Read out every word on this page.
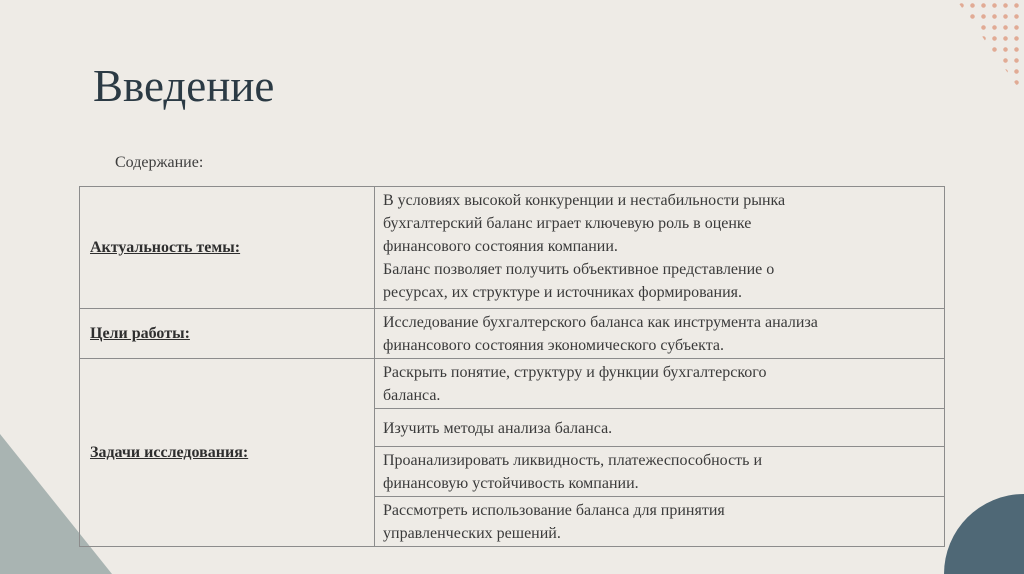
Введение
Содержание:
Актуальность темы:	В условиях высокой конкуренции и нестабильности рынка
бухгалтерский баланс играет ключевую роль в оценке
финансового состояния компании.
Баланс позволяет получить объективное представление о
ресурсах, их структуре и источниках формирования.

Цели работы:	Исследование бухгалтерского баланса как инструмента анализа
финансового состояния экономического субъекта.

Задачи исследования:	Раскрыть понятие, структуру и функции бухгалтерского
баланса.

	Изучить методы анализа баланса.

	Проанализировать ликвидность, платежеспособность и
финансовую устойчивость компании.

	Рассмотреть использование баланса для принятия
управленческих решений.
